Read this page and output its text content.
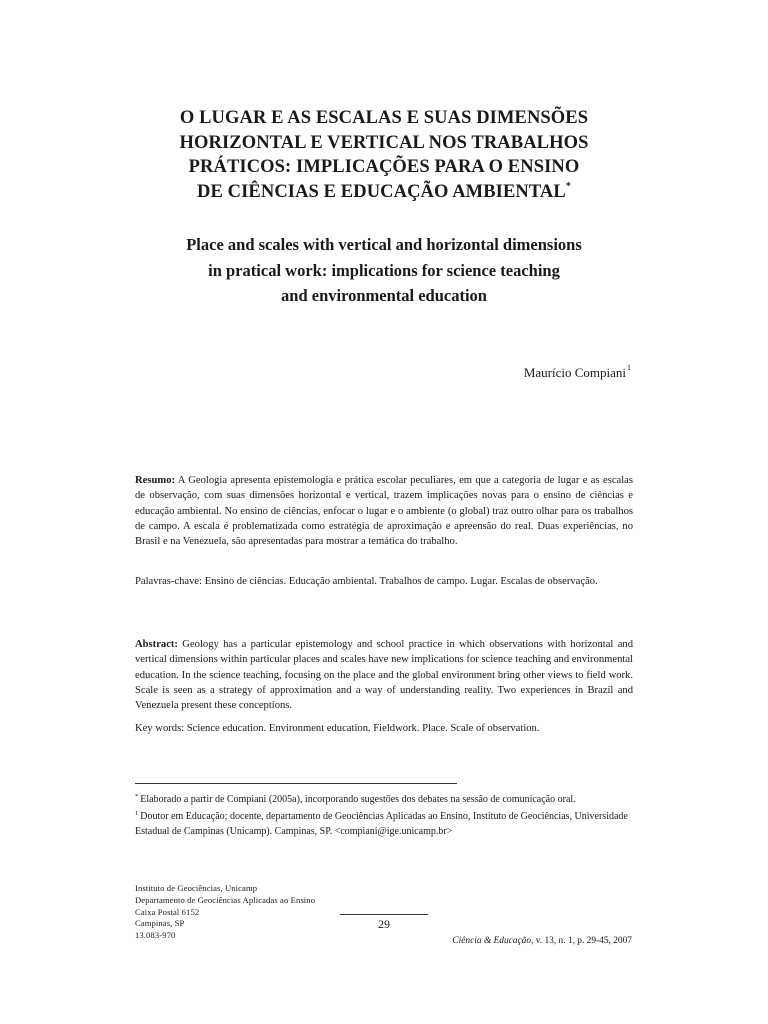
O LUGAR E AS ESCALAS E SUAS DIMENSÕES
HORIZONTAL E VERTICAL NOS TRABALHOS
PRÁTICOS: IMPLICAÇÕES PARA O ENSINO
DE CIÊNCIAS E EDUCAÇÃO AMBIENTAL*
Place and scales with vertical and horizontal dimensions
in pratical work: implications for science teaching
and environmental education
Maurício Compiani$^1$
Resumo: A Geologia apresenta epistemologia e prática escolar peculiares, em que a categoria de lugar e as escalas de observação, com suas dimensões horizontal e vertical, trazem implicações novas para o ensino de ciências e educação ambiental. No ensino de ciências, enfocar o lugar e o ambiente (o global) traz outro olhar para os trabalhos de campo. A escala é problematizada como estratégia de aproximação e apreensão do real. Duas experiências, no Brasil e na Venezuela, são apresentadas para mostrar a temática do trabalho.
Palavras-chave: Ensino de ciências. Educação ambiental. Trabalhos de campo. Lugar. Escalas de observação.
Abstract: Geology has a particular epistemology and school practice in which observations with horizontal and vertical dimensions within particular places and scales have new implications for science teaching and environmental education. In the science teaching, focusing on the place and the global environment bring other views to field work. Scale is seen as a strategy of approximation and a way of understanding reality. Two experiences in Brazil and Venezuela present these conceptions.
Key words: Science education. Environment education. Fieldwork. Place. Scale of observation.
* Elaborado a partir de Compiani (2005a), incorporando sugestões dos debates na sessão de comunicação oral.
$^1$ Doutor em Educação; docente, departamento de Geociências Aplicadas ao Ensino, Instituto de Geociências, Universidade Estadual de Campinas (Unicamp). Campinas, SP. <compiani@ige.unicamp.br>
Instituto de Geociências, Unicamp
Departamento de Geociências Aplicadas ao Ensino
Caixa Postal 6152
Campinas, SP
13.083-970
29
Ciência & Educação, v. 13, n. 1, p. 29-45, 2007
